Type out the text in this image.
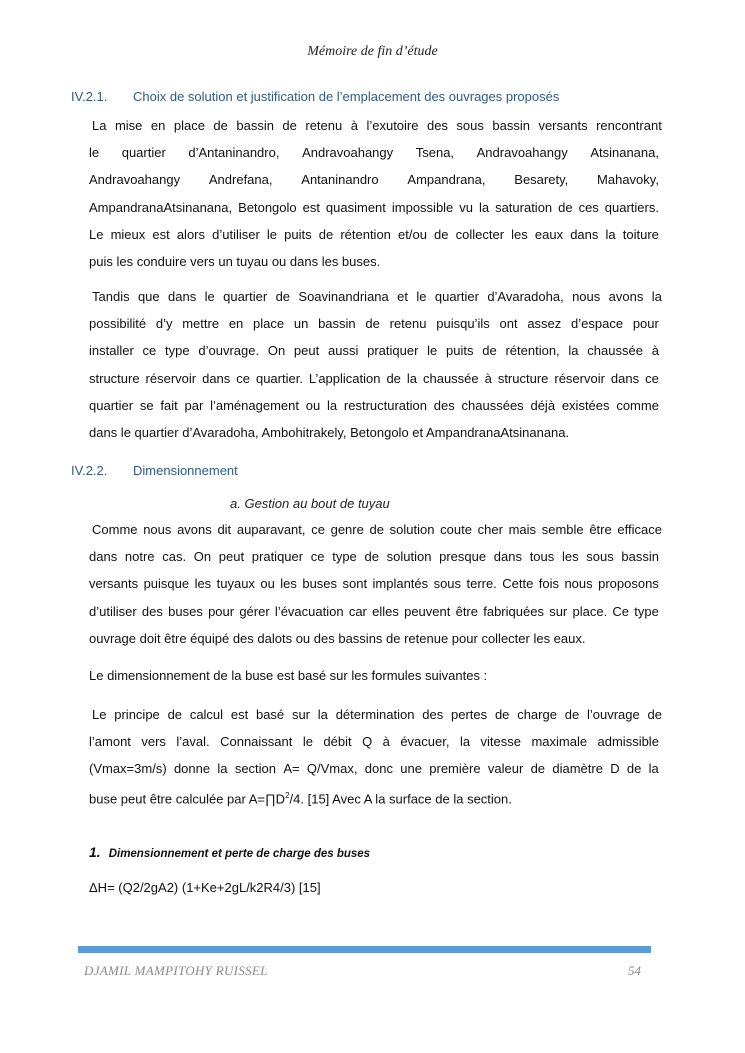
Mémoire de fin d’étude
IV.2.1. Choix de solution et justification de l’emplacement des ouvrages proposés
IV.2.2. Dimensionnement
a. Gestion au bout de tuyau
Le dimensionnement de la buse est basé sur les formules suivantes :
buse peut être calculée par $A=\prod D^2/4$. [15] Avec A la surface de la section.
1. Dimensionnement et perte de charge des buses
ΔH= (Q2/2gA2) (1+Ke+2gL/k2R4/3) [15]
DJAMIL MAMPITOHY RUISSEL	54
La mise en place de bassin de retenu à l’exutoire des sous bassin versants rencontrant
le quartier d’Antaninandro, Andravoahangy Tsena, Andravoahangy Atsinanana,
Andravoahangy Andrefana, Antaninandro Ampandrana, Besarety, Mahavoky,
AmpandranaAtsinanana, Betongolo est quasiment impossible vu la saturation de ces quartiers.
Le mieux est alors d’utiliser le puits de rétention et/ou de collecter les eaux dans la toiture
puis les conduire vers un tuyau ou dans les buses.
Tandis que dans le quartier de Soavinandriana et le quartier d’Avaradoha, nous avons la
possibilité d’y mettre en place un bassin de retenu puisqu’ils ont assez d’espace pour
installer ce type d’ouvrage. On peut aussi pratiquer le puits de rétention, la chaussée à
structure réservoir dans ce quartier. L’application de la chaussée à structure réservoir dans ce
quartier se fait par l’aménagement ou la restructuration des chaussées déjà existées comme
dans le quartier d’Avaradoha, Ambohitrakely, Betongolo et AmpandranaAtsinanana.
Comme nous avons dit auparavant, ce genre de solution coute cher mais semble être efficace
dans notre cas. On peut pratiquer ce type de solution presque dans tous les sous bassin
versants puisque les tuyaux ou les buses sont implantés sous terre. Cette fois nous proposons
d’utiliser des buses pour gérer l’évacuation car elles peuvent être fabriquées sur place. Ce type
ouvrage doit être équipé des dalots ou des bassins de retenue pour collecter les eaux.
Le principe de calcul est basé sur la détermination des pertes de charge de l’ouvrage de
l’amont vers l’aval. Connaissant le débit Q à évacuer, la vitesse maximale admissible
(Vmax=3m/s) donne la section A= Q/Vmax, donc une première valeur de diamètre D de la
